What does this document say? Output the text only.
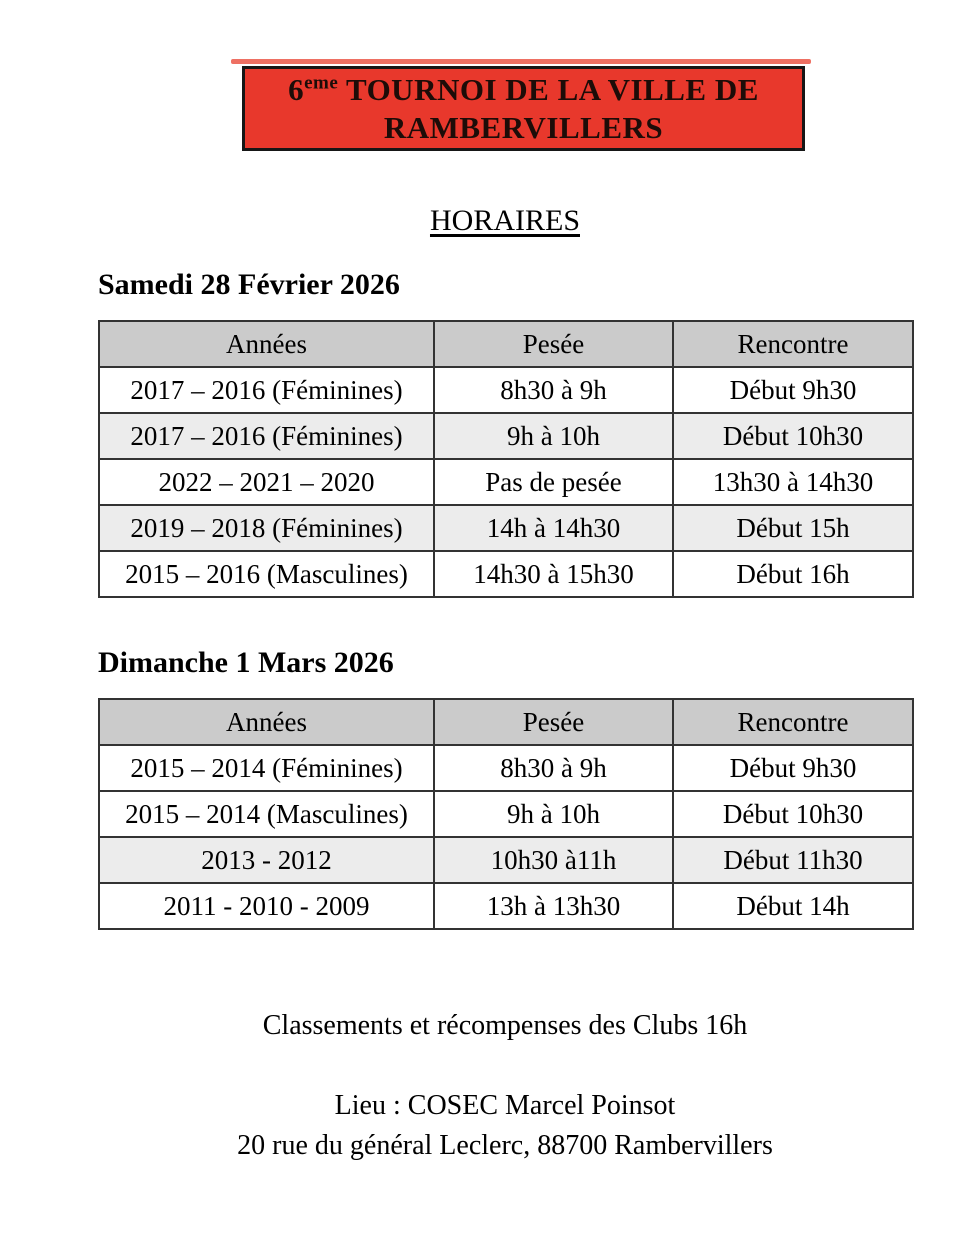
6eme TOURNOI DE LA VILLE DE
RAMBERVILLERS
HORAIRES
Samedi 28 Février 2026
Années	Pesée	Rencontre
2017 – 2016 (Féminines)	8h30 à 9h	Début 9h30
2017 – 2016 (Féminines)	9h à 10h	Début 10h30
2022 – 2021 – 2020	Pas de pesée	13h30 à 14h30
2019 – 2018 (Féminines)	14h à 14h30	Début 15h
2015 – 2016 (Masculines)	14h30 à 15h30	Début 16h
Dimanche 1 Mars 2026
Années	Pesée	Rencontre
2015 – 2014 (Féminines)	8h30 à 9h	Début 9h30
2015 – 2014 (Masculines)	9h à 10h	Début 10h30
2013 - 2012	10h30 à11h	Début 11h30
2011 - 2010 - 2009	13h à 13h30	Début 14h
Classements et récompenses des Clubs 16h
Lieu : COSEC Marcel Poinsot
20 rue du général Leclerc, 88700 Rambervillers
